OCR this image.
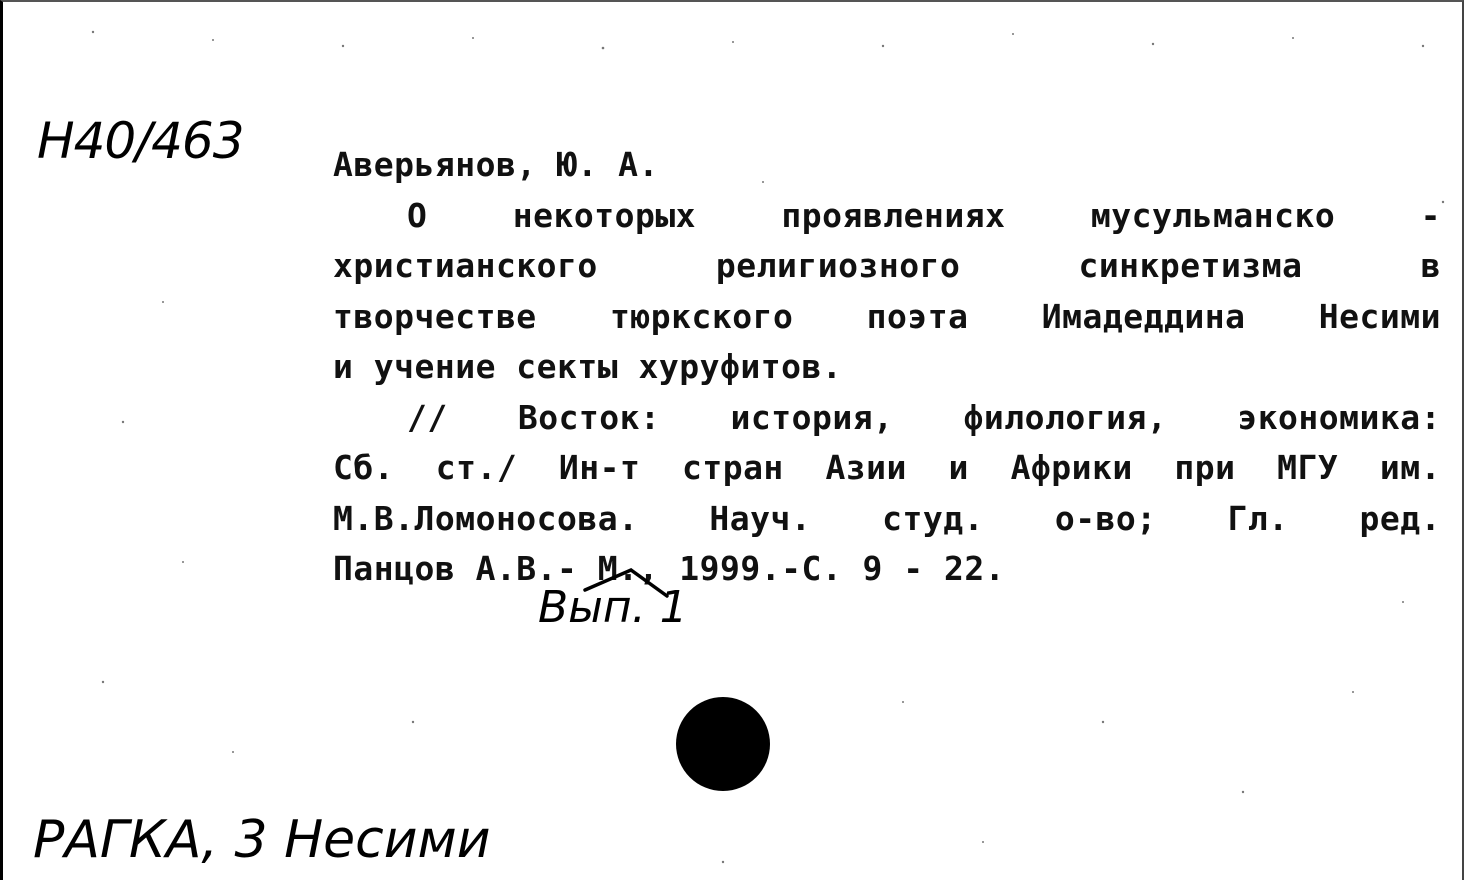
Н40/463	Аверьянов, Ю. А.
О некоторых проявлениях мусульманско -
христианского религиозного синкретизма в
творчестве тюркского поэта Имадеддина Несими
и учение секты хуруфитов.
// Восток: история, филология, экономика:
Сб. ст./ Ин-т стран Азии и Африки при МГУ им.
М.В.Ломоносова. Науч. студ. о-во; Гл. ред.
Панцов А.В.- М., 1999.-С. 9 - 22.
Вып. 1
РАГКА, 3 Несими
